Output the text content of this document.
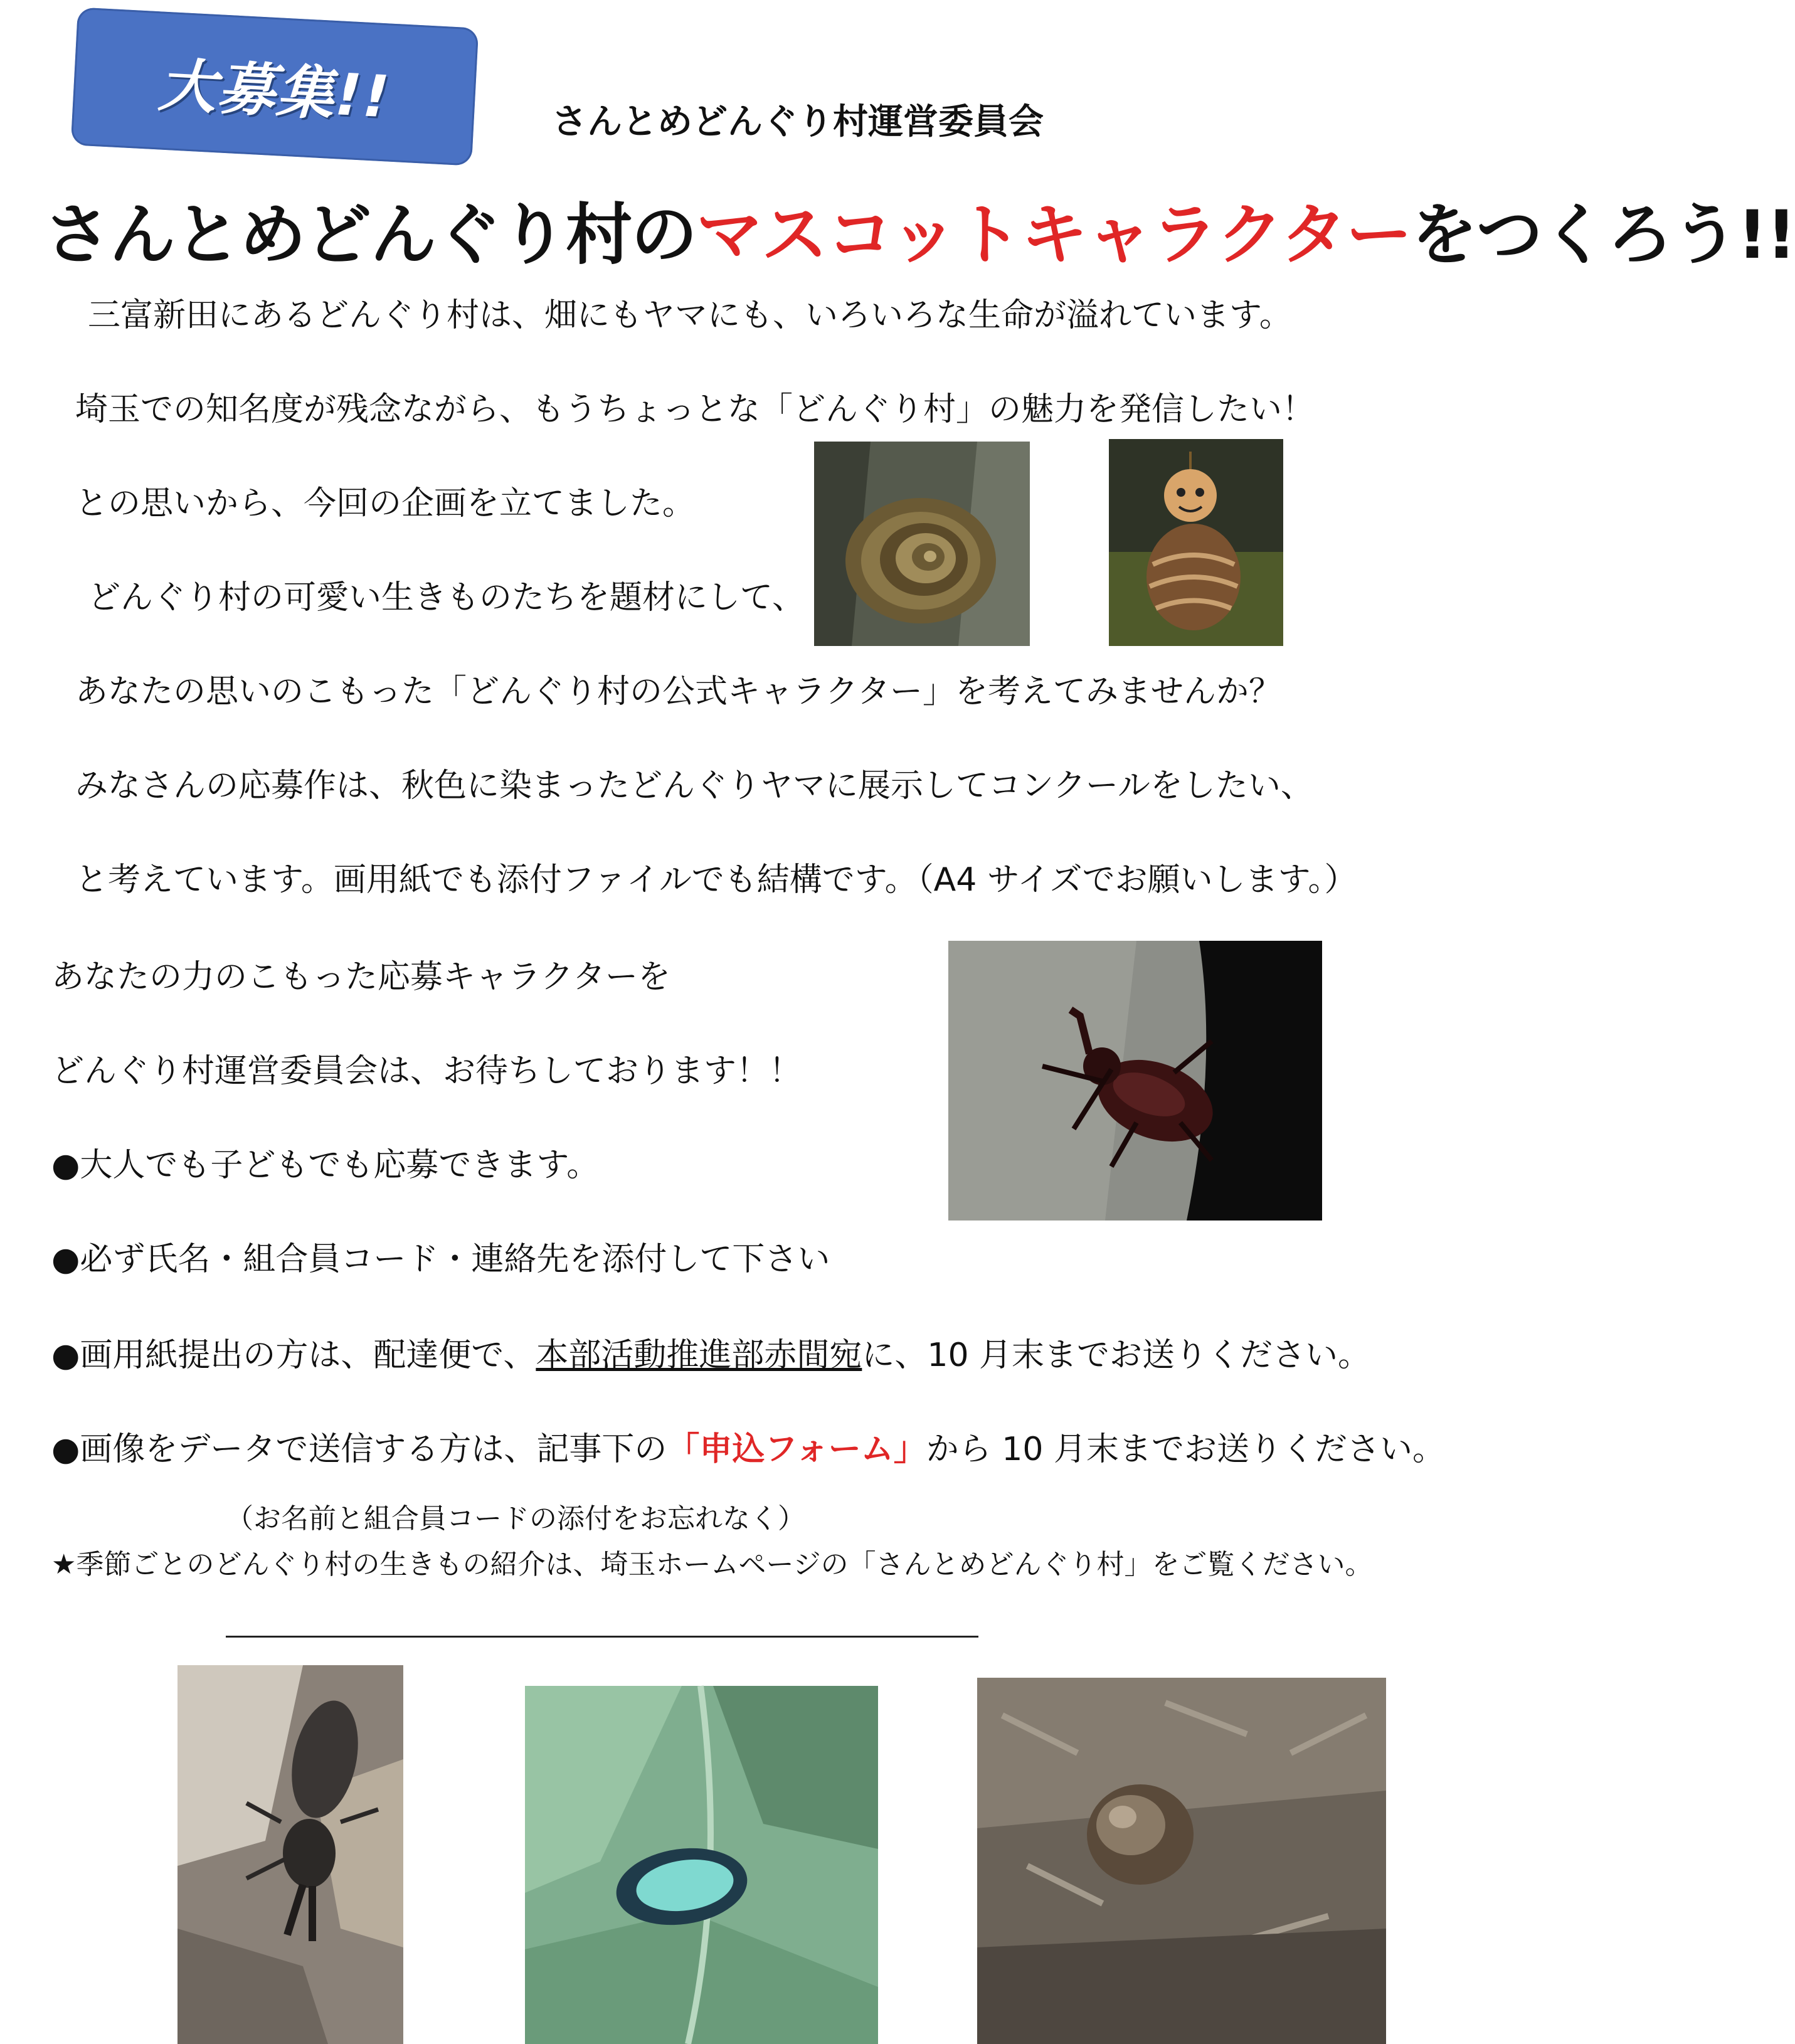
大募集!!	さんとめどんぐり村運営委員会
さんとめどんぐり村のマスコットキャラクターをつくろう!!
三富新田にあるどんぐり村は、畑にもヤマにも、いろいろな生命が溢れています。
埼玉での知名度が残念ながら、もうちょっとな「どんぐり村」の魅力を発信したい！
との思いから、今回の企画を立てました。
どんぐり村の可愛い生きものたちを題材にして、
あなたの思いのこもった「どんぐり村の公式キャラクター」を考えてみませんか？
みなさんの応募作は、秋色に染まったどんぐりヤマに展示してコンクールをしたい、
と考えています。画用紙でも添付ファイルでも結構です。（A4 サイズでお願いします。）
あなたの力のこもった応募キャラクターを
どんぐり村運営委員会は、お待ちしております！！
●大人でも子どもでも応募できます。
●必ず氏名・組合員コード・連絡先を添付して下さい
●画用紙提出の方は、配達便で、本部活動推進部赤間宛に、10 月末までお送りください。
●画像をデータで送信する方は、記事下の「申込フォーム」から 10 月末までお送りください。
（お名前と組合員コードの添付をお忘れなく）
★季節ごとのどんぐり村の生きもの紹介は、埼玉ホームページの「さんとめどんぐり村」をご覧ください。
